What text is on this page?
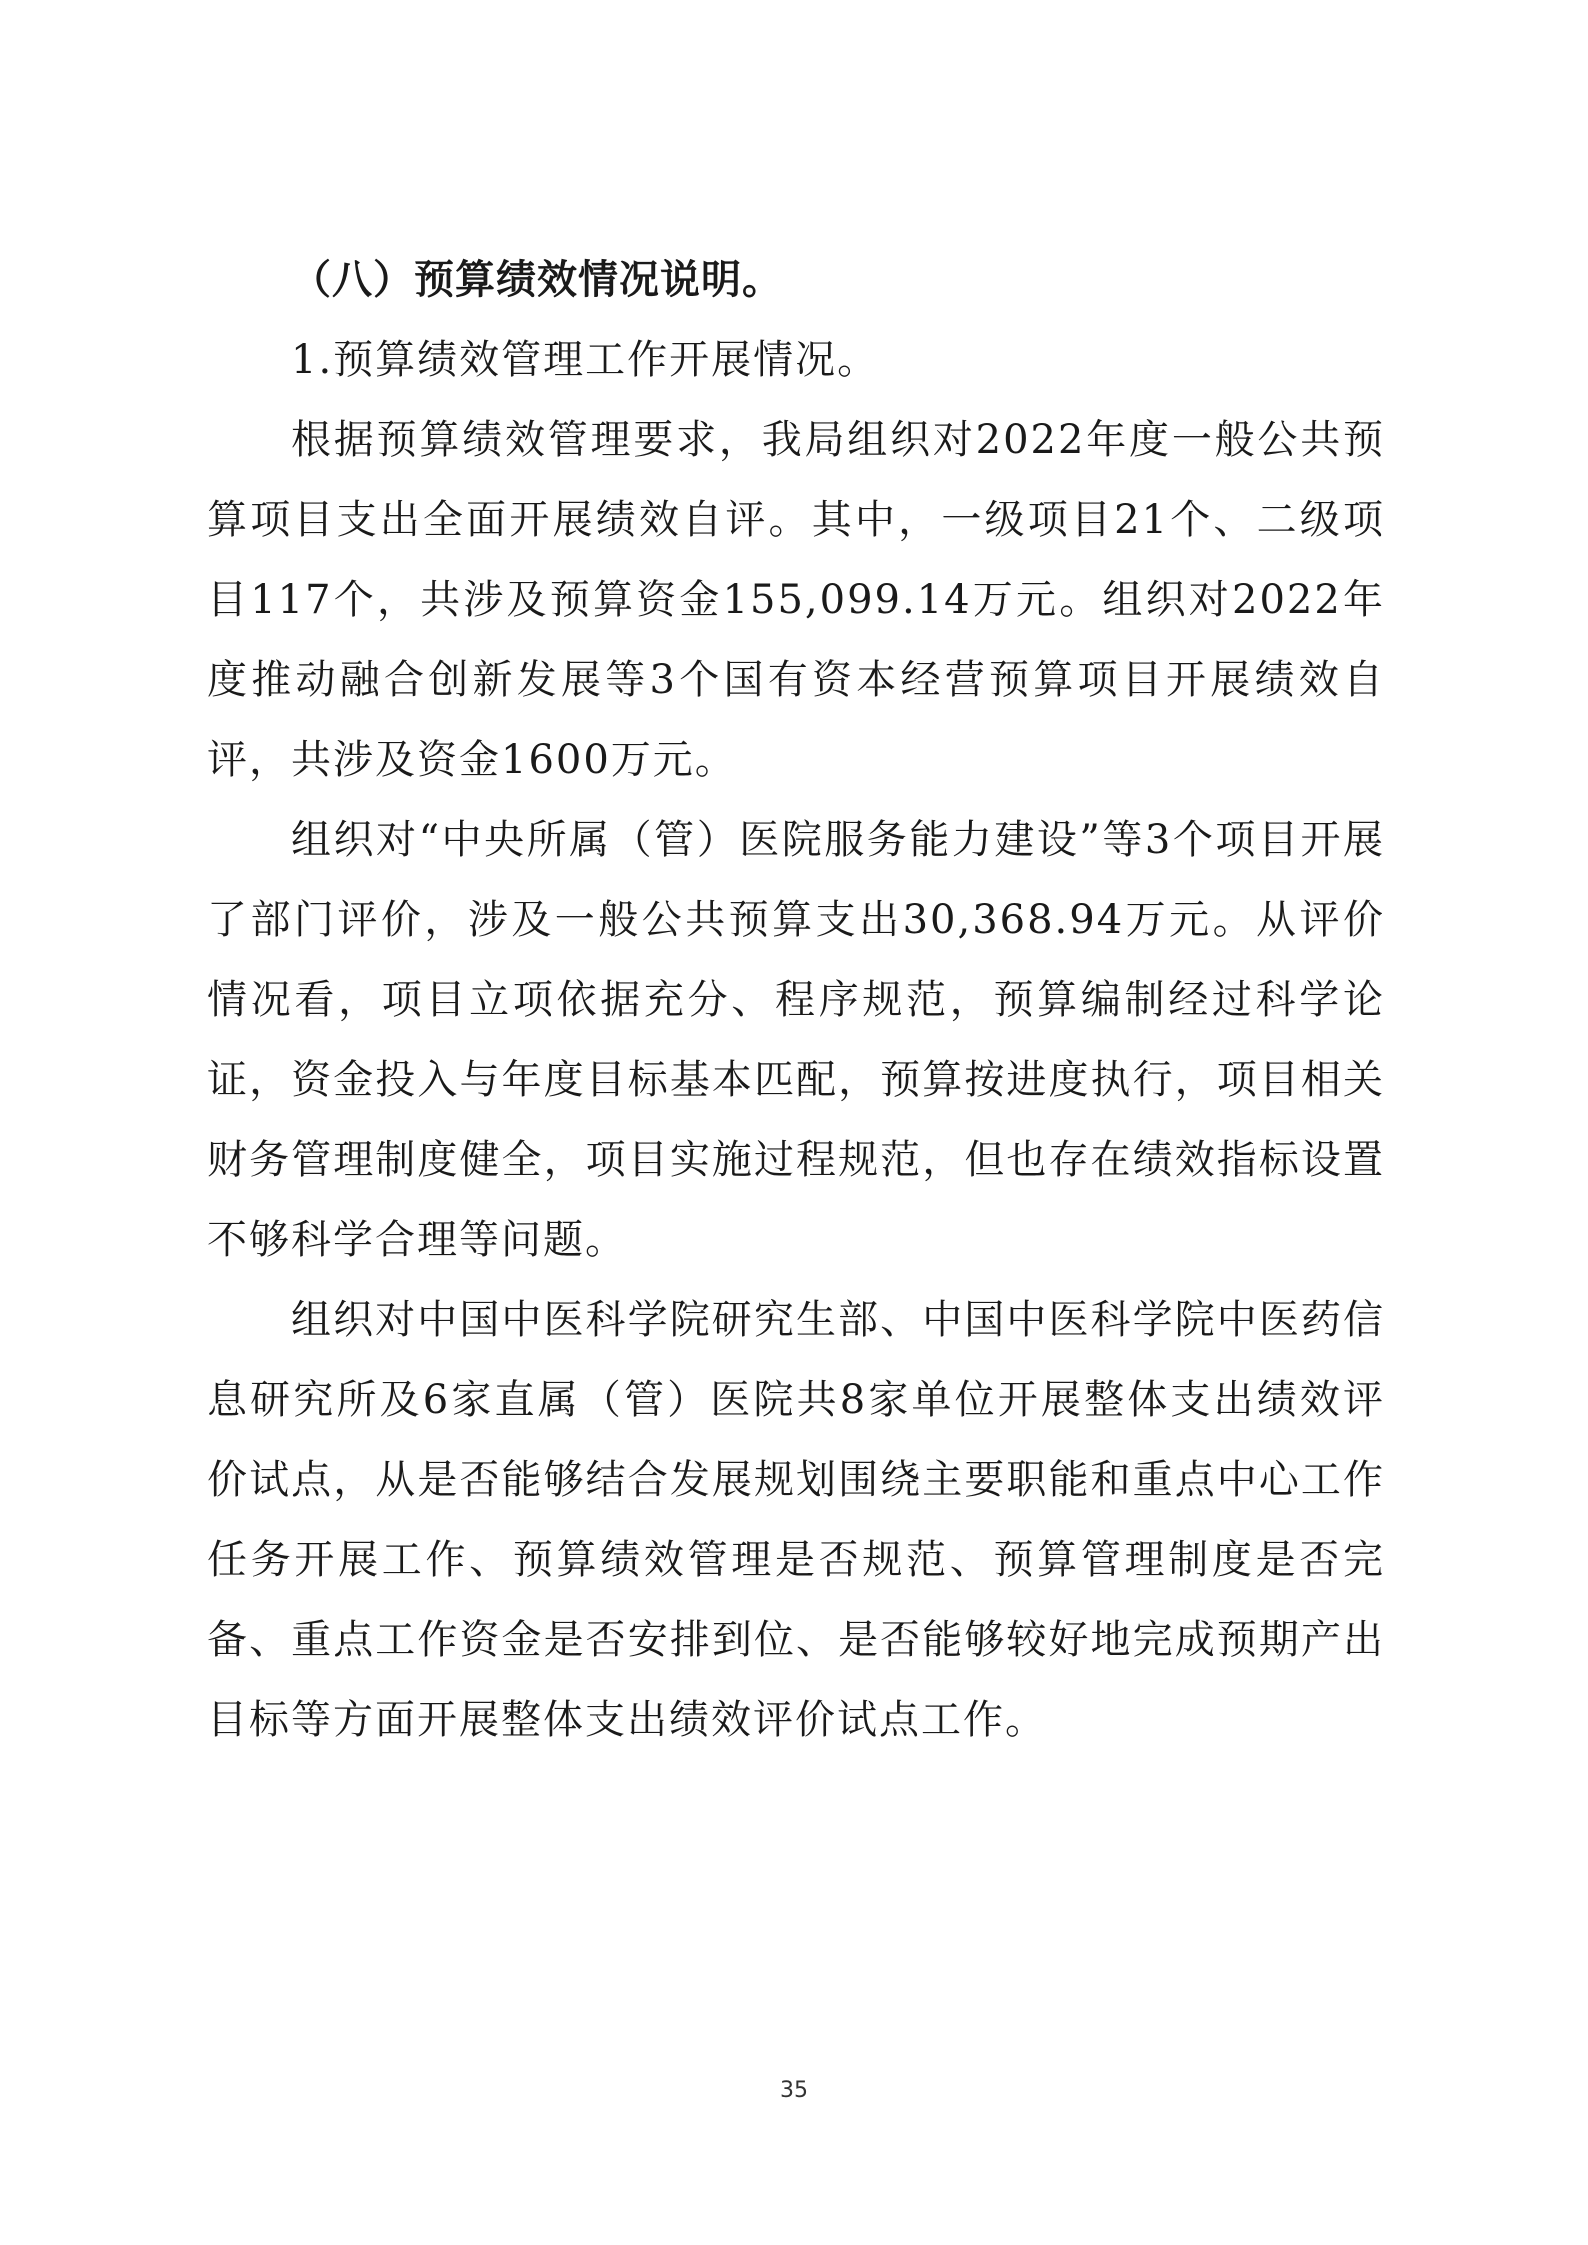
（八）预算绩效情况说明。

1.预算绩效管理工作开展情况。

根据预算绩效管理要求，我局组织对2022年度一般公共预算项目支出全面开展绩效自评。其中，一级项目21个、二级项目117个，共涉及预算资金155,099.14万元。组织对2022年度推动融合创新发展等3个国有资本经营预算项目开展绩效自评，共涉及资金1600万元。

组织对“中央所属（管）医院服务能力建设”等3个项目开展了部门评价，涉及一般公共预算支出30,368.94万元。从评价情况看，项目立项依据充分、程序规范，预算编制经过科学论证，资金投入与年度目标基本匹配，预算按进度执行，项目相关财务管理制度健全，项目实施过程规范，但也存在绩效指标设置不够科学合理等问题。

组织对中国中医科学院研究生部、中国中医科学院中医药信息研究所及6家直属（管）医院共8家单位开展整体支出绩效评价试点，从是否能够结合发展规划围绕主要职能和重点中心工作任务开展工作、预算绩效管理是否规范、预算管理制度是否完备、重点工作资金是否安排到位、是否能够较好地完成预期产出目标等方面开展整体支出绩效评价试点工作。

35
